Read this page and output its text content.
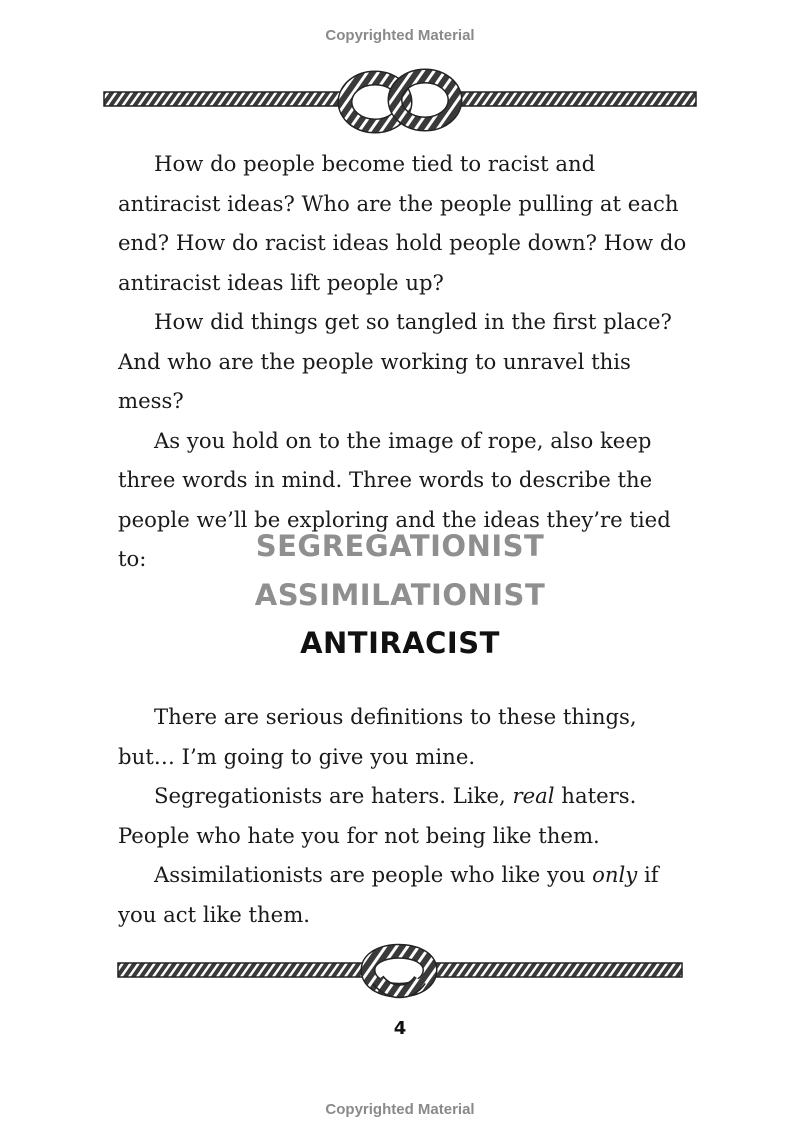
Copyrighted Material

How do people become tied to racist and antiracist ideas? Who are the people pulling at each end? How do racist ideas hold people down? How do antiracist ideas lift people up?

How did things get so tangled in the first place? And who are the people working to unravel this mess?

As you hold on to the image of rope, also keep three words in mind. Three words to describe the people we’ll be exploring and the ideas they’re tied to:	SEGREGATIONIST
ASSIMILATIONIST
ANTIRACIST

There are serious definitions to these things, but… I’m going to give you mine.

Segregationists are haters. Like, real haters. People who hate you for not being like them.

Assimilationists are people who like you only if you act like them.

4
Copyrighted Material
